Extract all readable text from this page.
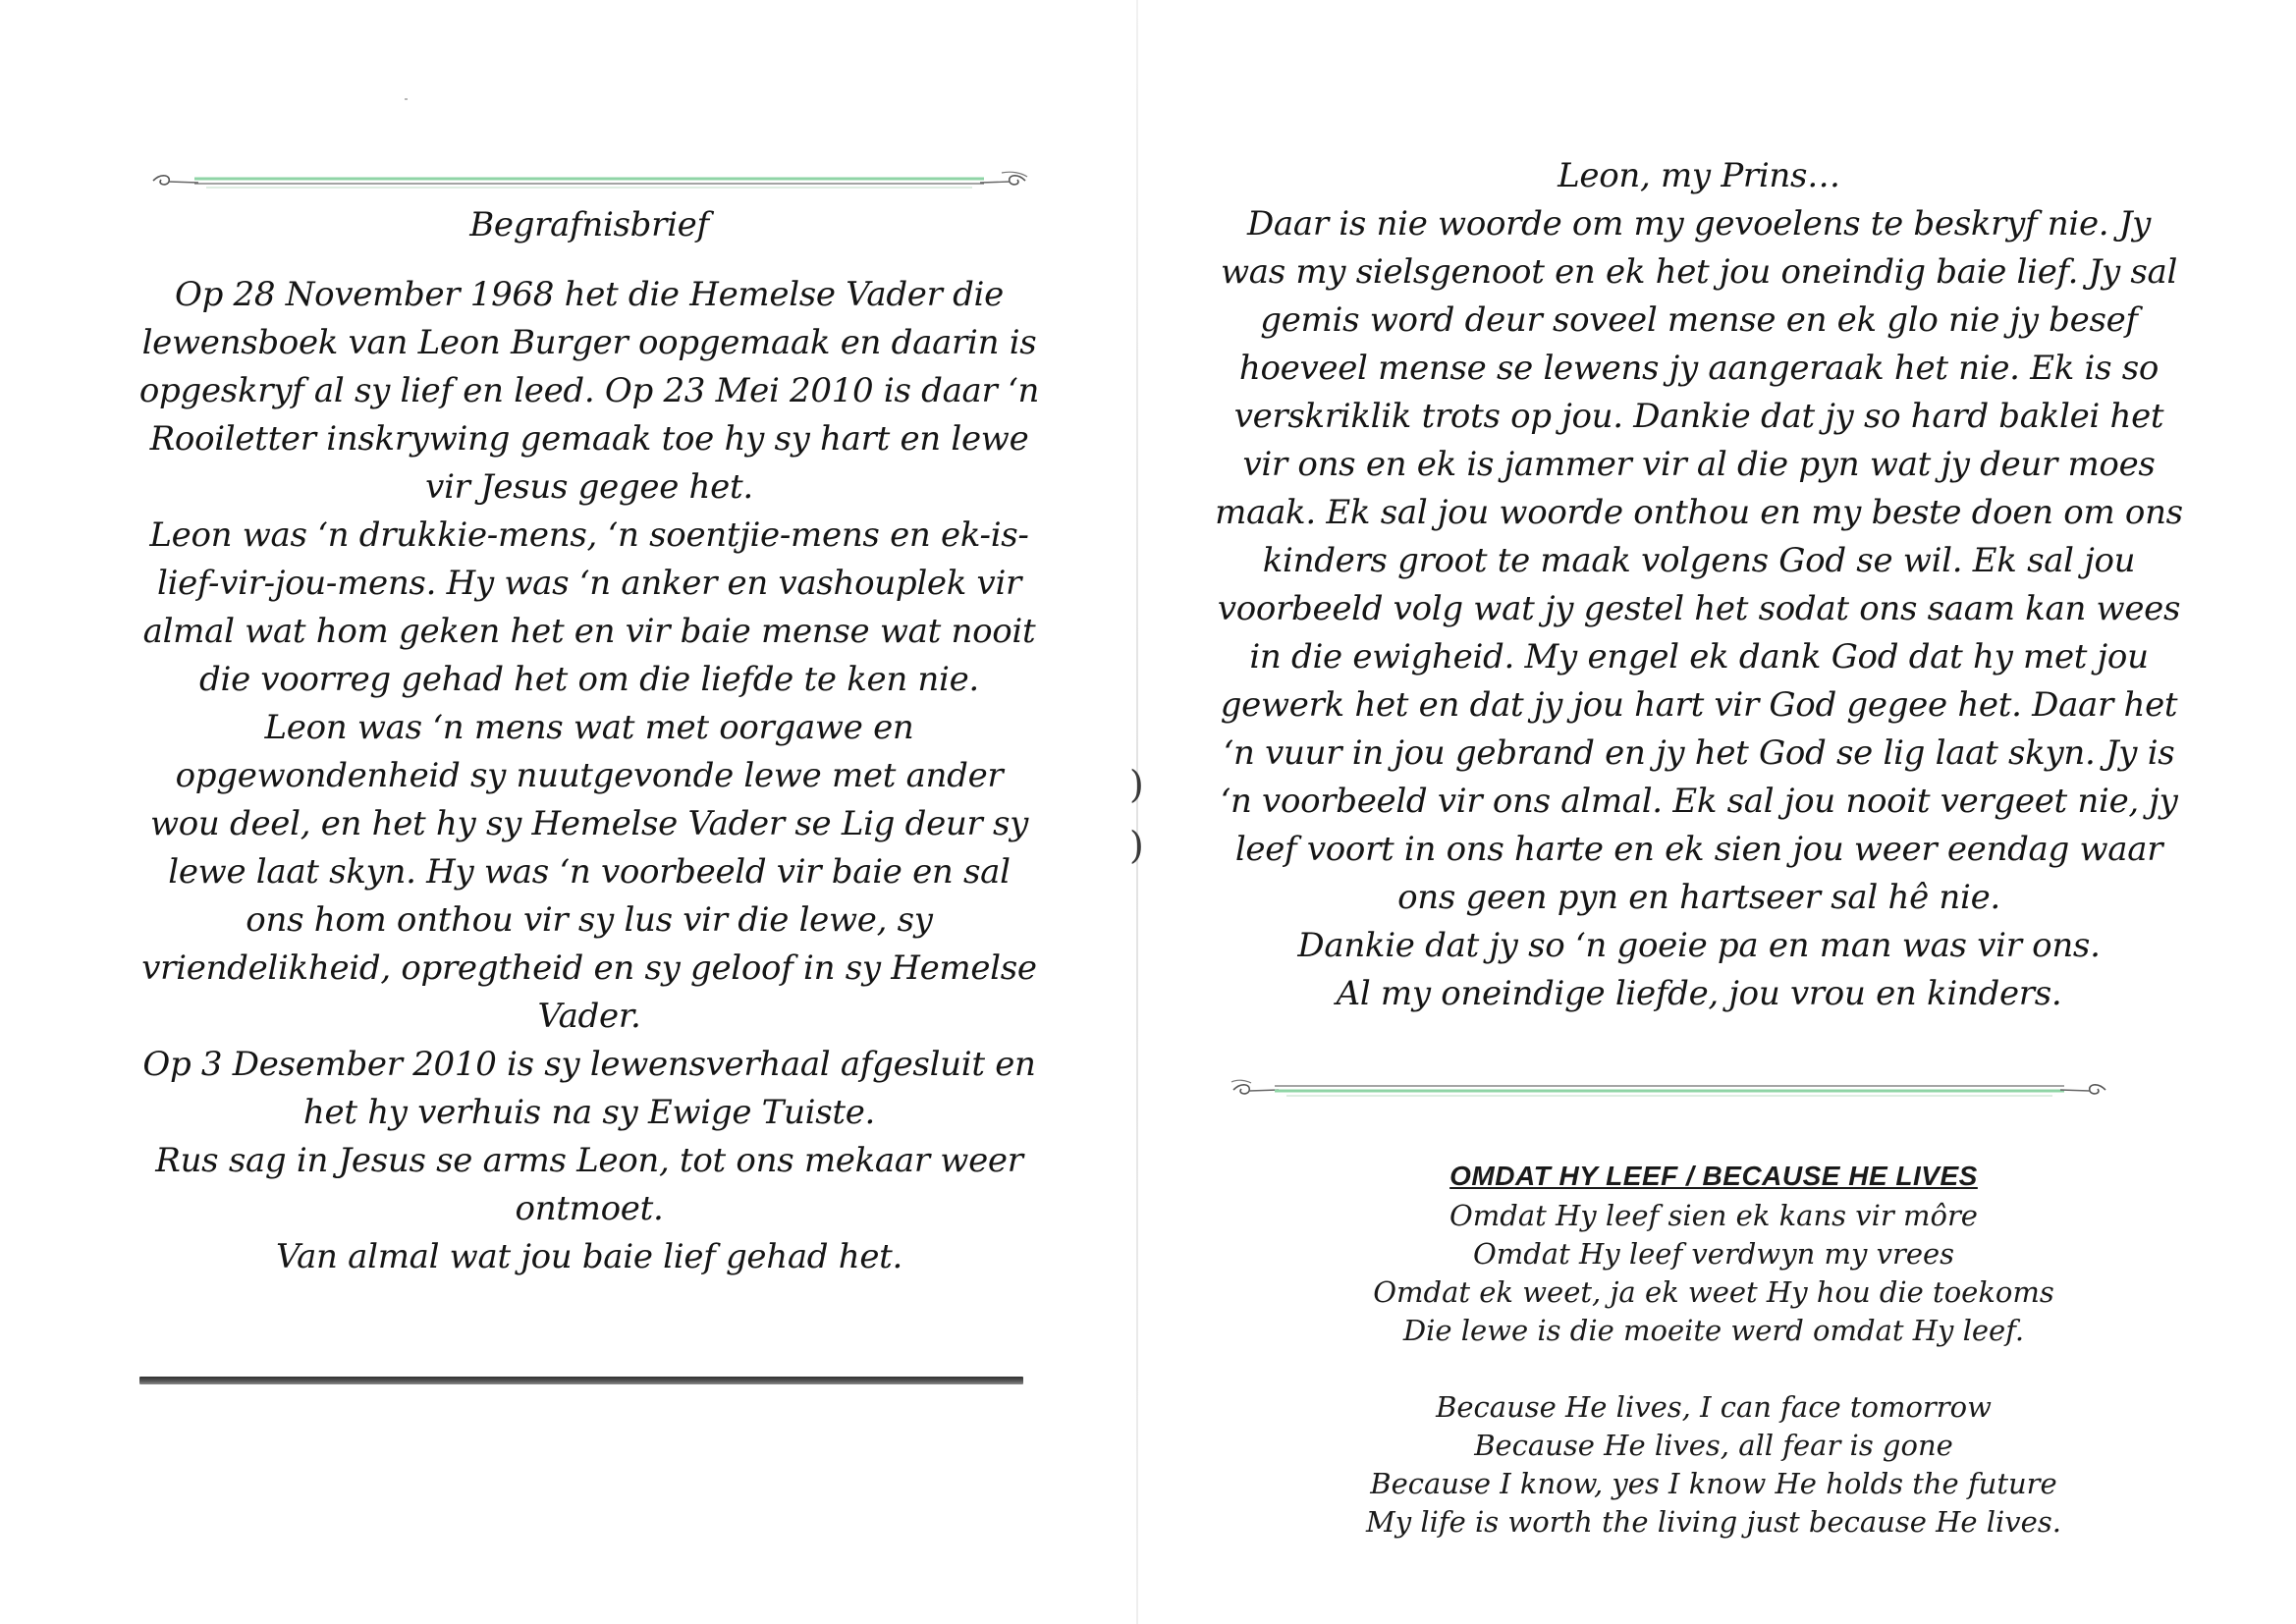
Begrafnisbrief

Op 28 November 1968 het die Hemelse Vader die lewensboek van Leon Burger oopgemaak en daarin is opgeskryf al sy lief en leed. Op 23 Mei 2010 is daar ‘n Rooiletter inskrywing gemaak toe hy sy hart en lewe vir Jesus gegee het.

Leon was ‘n drukkie-mens, ‘n soentjie-mens en ek-is-lief-vir-jou-mens. Hy was ‘n anker en vashouplek vir almal wat hom geken het en vir baie mense wat nooit die voorreg gehad het om die liefde te ken nie.

Leon was ‘n mens wat met oorgawe en opgewondenheid sy nuutgevonde lewe met ander wou deel, en het hy sy Hemelse Vader se Lig deur sy lewe laat skyn. Hy was ‘n voorbeeld vir baie en sal ons hom onthou vir sy lus vir die lewe, sy vriendelikheid, opregtheid en sy geloof in sy Hemelse Vader.

Op 3 Desember 2010 is sy lewensverhaal afgesluit en het hy verhuis na sy Ewige Tuiste.

Rus sag in Jesus se arms Leon, tot ons mekaar weer ontmoet.

Van almal wat jou baie lief gehad het.

)
)

Leon, my Prins…

Daar is nie woorde om my gevoelens te beskryf nie. Jy was my sielsgenoot en ek het jou oneindig baie lief. Jy sal gemis word deur soveel mense en ek glo nie jy besef hoeveel mense se lewens jy aangeraak het nie. Ek is so verskriklik trots op jou. Dankie dat jy so hard baklei het vir ons en ek is jammer vir al die pyn wat jy deur moes maak. Ek sal jou woorde onthou en my beste doen om ons kinders groot te maak volgens God se wil. Ek sal jou voorbeeld volg wat jy gestel het sodat ons saam kan wees in die ewigheid. My engel ek dank God dat hy met jou gewerk het en dat jy jou hart vir God gegee het. Daar het ‘n vuur in jou gebrand en jy het God se lig laat skyn. Jy is ‘n voorbeeld vir ons almal. Ek sal jou nooit vergeet nie, jy leef voort in ons harte en ek sien jou weer eendag waar ons geen pyn en hartseer sal hê nie.

Dankie dat jy so ‘n goeie pa en man was vir ons.

Al my oneindige liefde, jou vrou en kinders.

OMDAT HY LEEF / BECAUSE HE LIVES

Omdat Hy leef sien ek kans vir môre
Omdat Hy leef verdwyn my vrees
Omdat ek weet, ja ek weet Hy hou die toekoms
Die lewe is die moeite werd omdat Hy leef.

Because He lives, I can face tomorrow
Because He lives, all fear is gone
Because I know, yes I know He holds the future
My life is worth the living just because He lives.
